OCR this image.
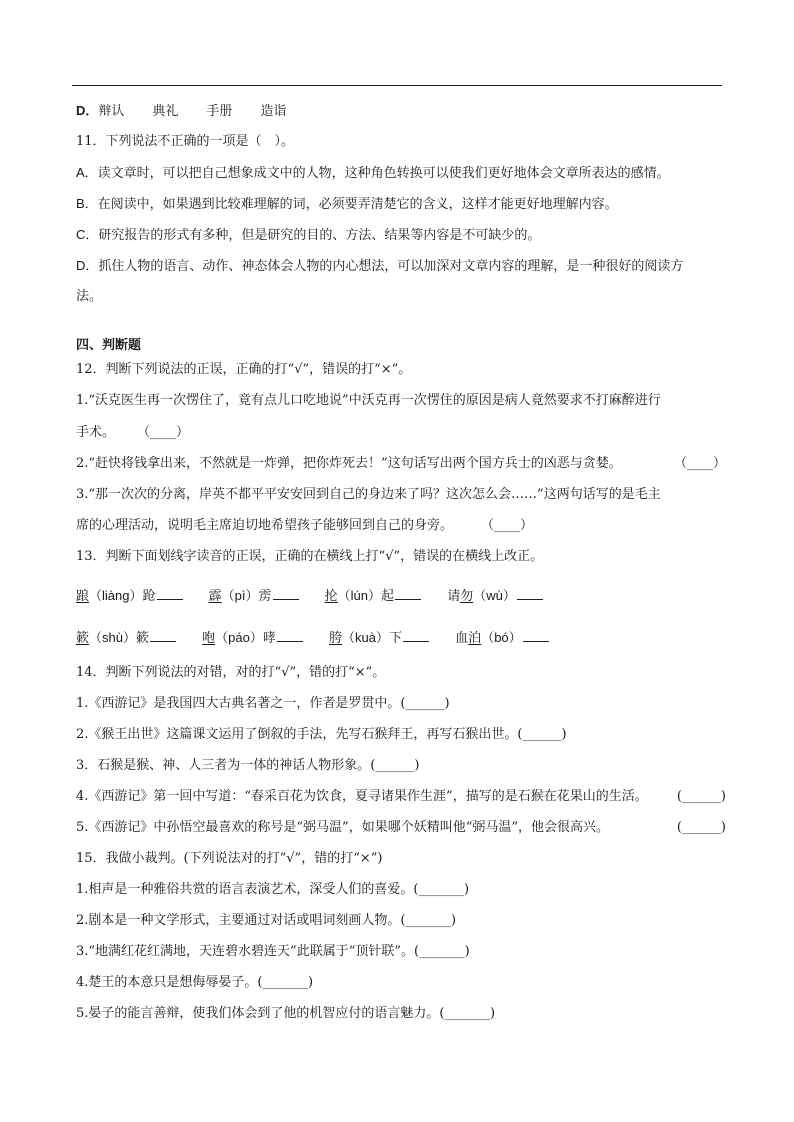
D．辩认 典礼 手册 造诣
11．下列说法不正确的一项是（　）。
A．读文章时，可以把自己想象成文中的人物，这种角色转换可以使我们更好地体会文章所表达的感情。
B．在阅读中，如果遇到比较难理解的词，必须要弄清楚它的含义，这样才能更好地理解内容。
C．研究报告的形式有多种，但是研究的目的、方法、结果等内容是不可缺少的。
D．抓住人物的语言、动作、神态体会人物的内心想法，可以加深对文章内容的理解，是一种很好的阅读方
法。
四、判断题
12．判断下列说法的正误，正确的打“√”，错误的打“×”。
1.“沃克医生再一次愣住了，竟有点儿口吃地说”中沃克再一次愣住的原因是病人竟然要求不打麻醉进行
手术。 （____）
2.“赶快将钱拿出来，不然就是一炸弹，把你炸死去！”这句话写出两个国方兵士的凶恶与贪婪。	（____）
3.“那一次次的分离，岸英不都平平安安回到自己的身边来了吗？这次怎么会……”这两句话写的是毛主
席的心理活动，说明毛主席迫切地希望孩子能够回到自己的身旁。 （____）
13．判断下面划线字读音的正误，正确的在横线上打“√”，错误的在横线上改正。
踉（liàng）跄	霹（pì）雳	抡（lún）起	请勿（wù）
簌（shù）簌	咆（páo）哮	胯（kuà）下	血泊（bó）
14．判断下列说法的对错，对的打“√”，错的打“×”。
1.《西游记》是我国四大古典名著之一，作者是罗贯中。(______)
2.《猴王出世》这篇课文运用了倒叙的手法，先写石猴拜王，再写石猴出世。(______)
3．石猴是猴、神、人三者为一体的神话人物形象。(______)
4.《西游记》第一回中写道：“春采百花为饮食，夏寻诸果作生涯”，描写的是石猴在花果山的生活。 (______)
5.《西游记》中孙悟空最喜欢的称号是“弼马温”，如果哪个妖精叫他“弼马温”，他会很高兴。	(______)
15．我做小裁判。(下列说法对的打“√”，错的打“×”)
1.相声是一种雅俗共赏的语言表演艺术，深受人们的喜爱。(_______)
2.剧本是一种文学形式，主要通过对话或唱词刻画人物。(_______)
3.“地满红花红满地，天连碧水碧连天”此联属于“顶针联”。(_______)
4.楚王的本意只是想侮辱晏子。(_______)
5.晏子的能言善辩，使我们体会到了他的机智应付的语言魅力。(_______)
